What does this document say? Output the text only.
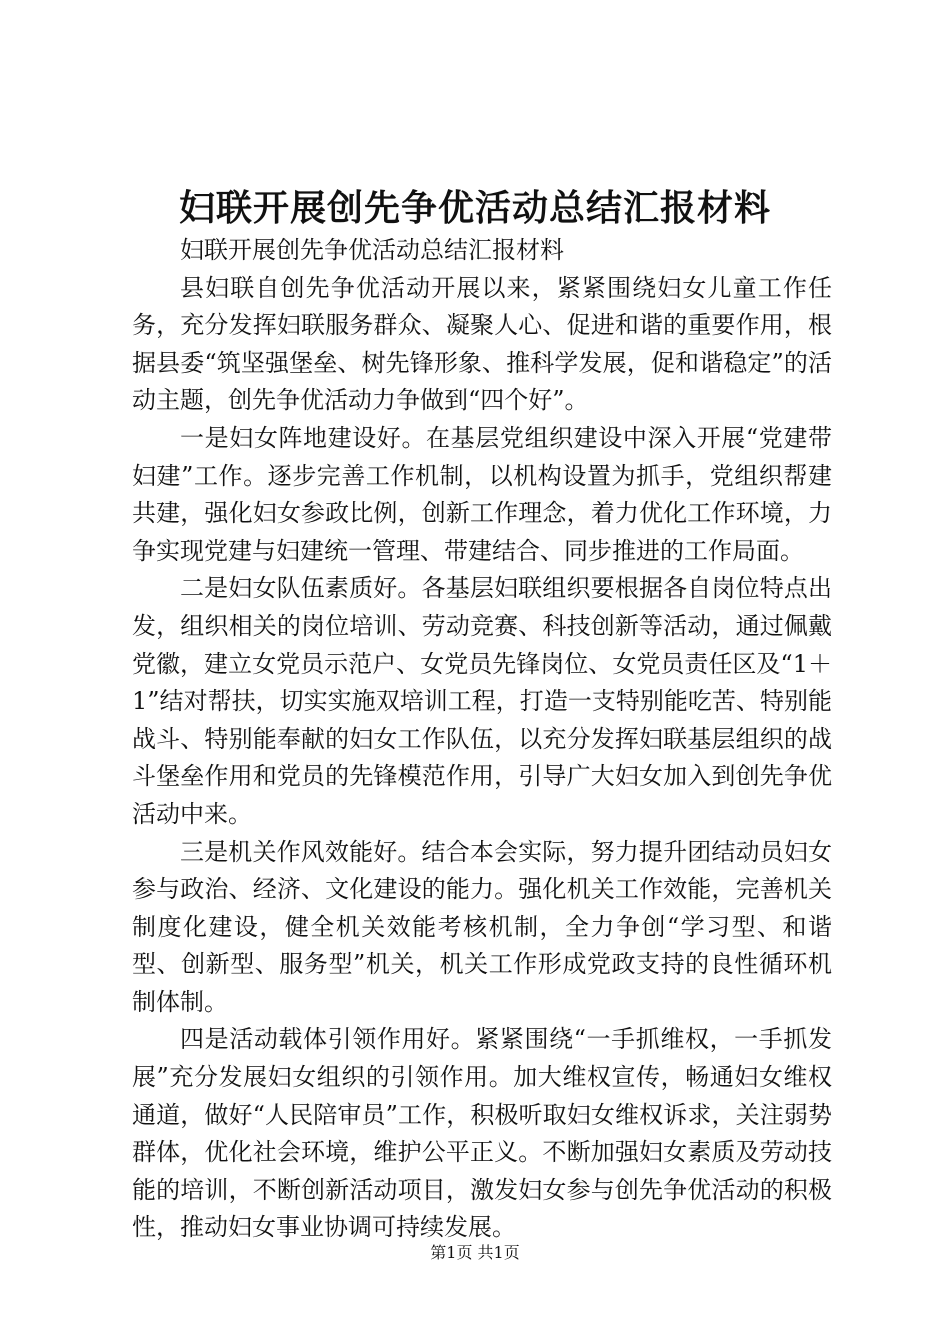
妇联开展创先争优活动总结汇报材料

妇联开展创先争优活动总结汇报材料

县妇联自创先争优活动开展以来，紧紧围绕妇女儿童工作任务，充分发挥妇联服务群众、凝聚人心、促进和谐的重要作用，根据县委“筑坚强堡垒、树先锋形象、推科学发展，促和谐稳定”的活动主题，创先争优活动力争做到“四个好”。

一是妇女阵地建设好。在基层党组织建设中深入开展“党建带妇建”工作。逐步完善工作机制，以机构设置为抓手，党组织帮建共建，强化妇女参政比例，创新工作理念，着力优化工作环境，力争实现党建与妇建统一管理、带建结合、同步推进的工作局面。

二是妇女队伍素质好。各基层妇联组织要根据各自岗位特点出发，组织相关的岗位培训、劳动竞赛、科技创新等活动，通过佩戴党徽，建立女党员示范户、女党员先锋岗位、女党员责任区及“1＋1”结对帮扶，切实实施双培训工程，打造一支特别能吃苦、特别能战斗、特别能奉献的妇女工作队伍，以充分发挥妇联基层组织的战斗堡垒作用和党员的先锋模范作用，引导广大妇女加入到创先争优活动中来。

三是机关作风效能好。结合本会实际，努力提升团结动员妇女参与政治、经济、文化建设的能力。强化机关工作效能，完善机关制度化建设，健全机关效能考核机制，全力争创“学习型、和谐型、创新型、服务型”机关，机关工作形成党政支持的良性循环机制体制。

四是活动载体引领作用好。紧紧围绕“一手抓维权，一手抓发展”充分发展妇女组织的引领作用。加大维权宣传，畅通妇女维权通道，做好“人民陪审员”工作，积极听取妇女维权诉求，关注弱势群体，优化社会环境，维护公平正义。不断加强妇女素质及劳动技能的培训，不断创新活动项目，激发妇女参与创先争优活动的积极性，推动妇女事业协调可持续发展。

第1页 共1页
